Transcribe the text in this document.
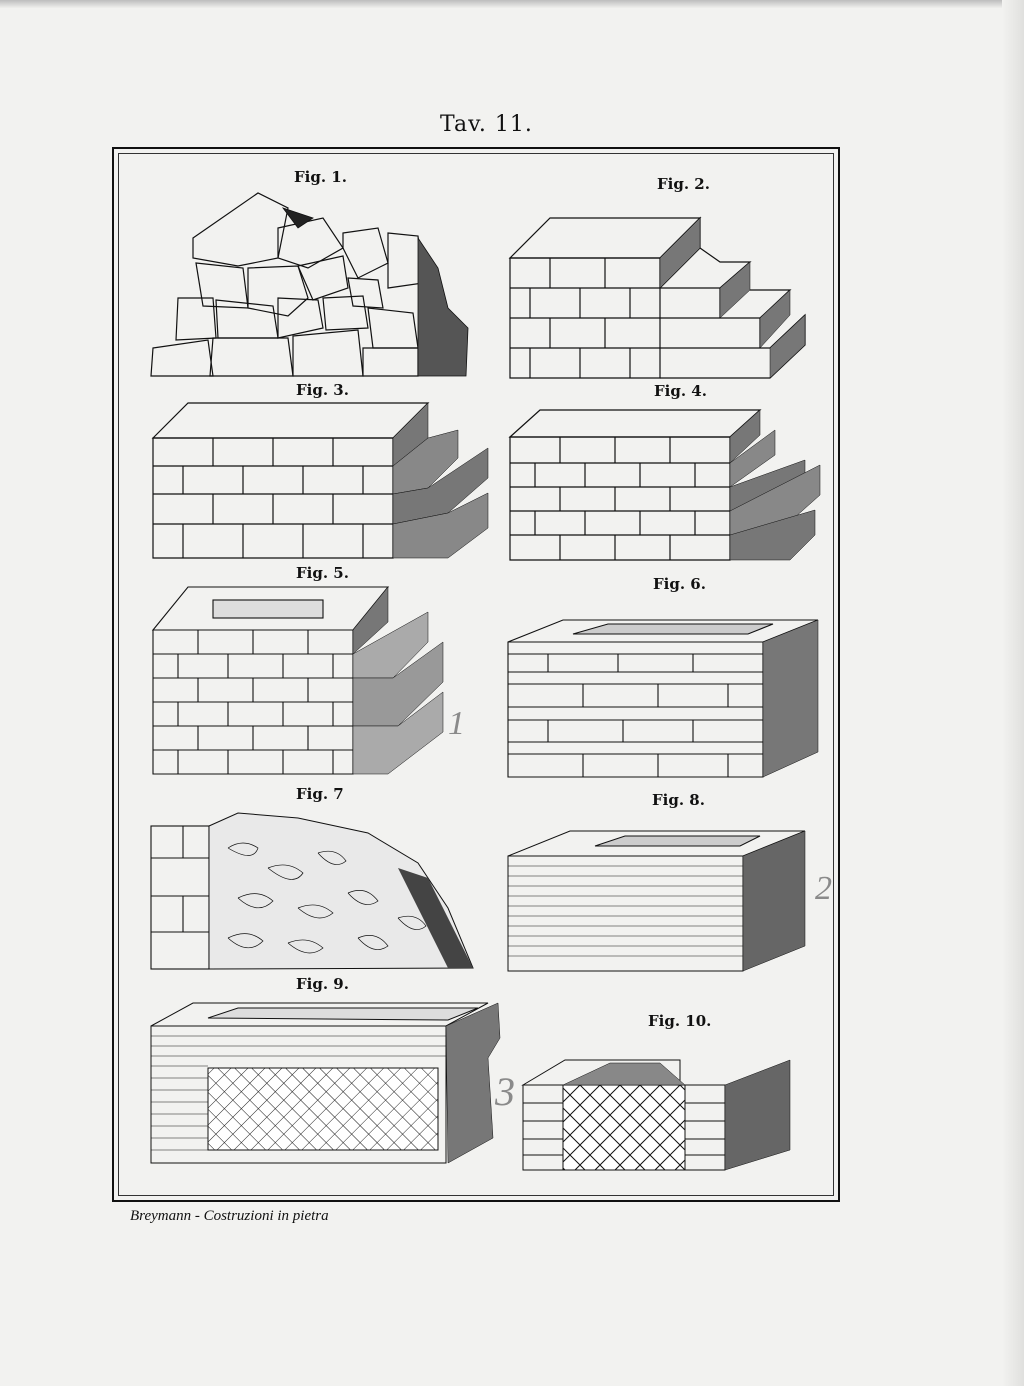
Tav. 11.
Fig. 1.	Fig. 2.
Fig. 3.	Fig. 4.
Fig. 5.
Fig. 6.
Fig. 7	Fig. 8.
Fig. 9.
Fig. 10.
1
2
3
Breymann - Costruzioni in pietra
